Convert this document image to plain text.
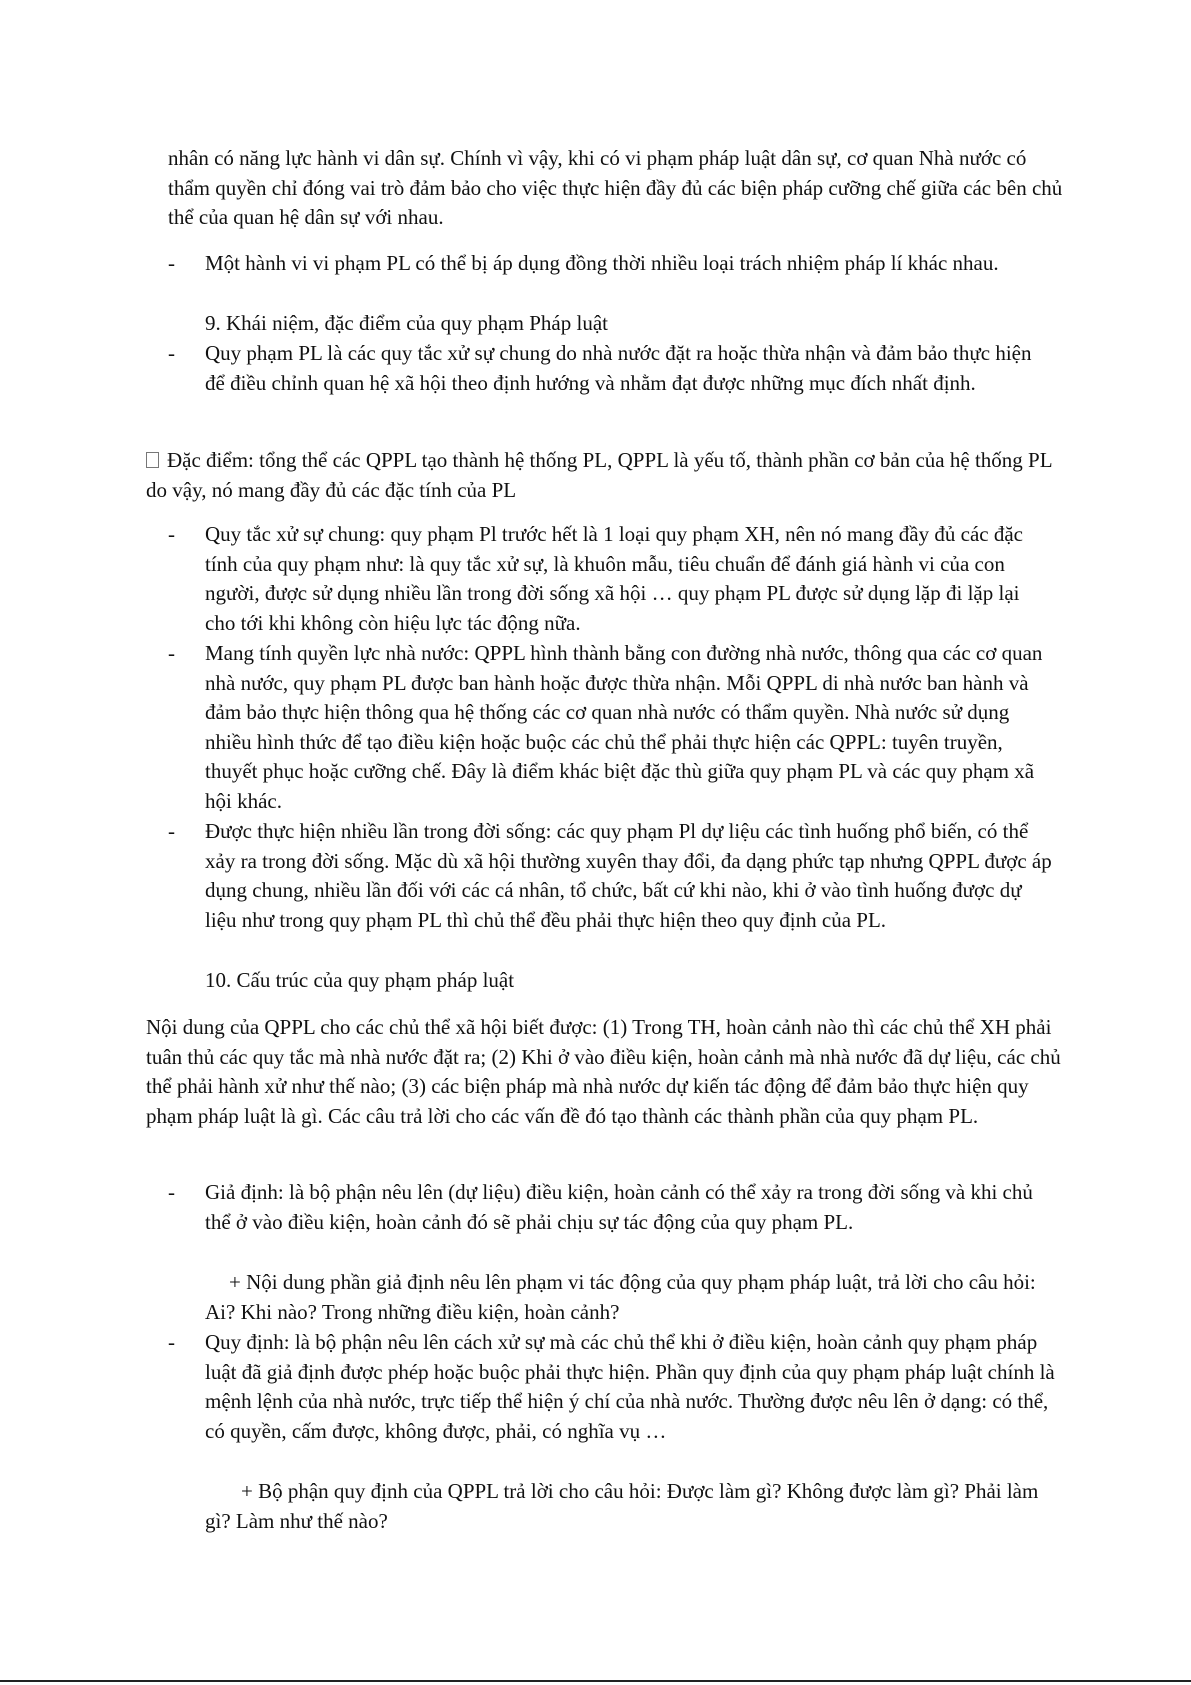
nhân có năng lực hành vi dân sự. Chính vì vậy, khi có vi phạm pháp luật dân sự, cơ quan Nhà nước có thẩm quyền chỉ đóng vai trò đảm bảo cho việc thực hiện đầy đủ các biện pháp cưỡng chế giữa các bên chủ thể của quan hệ dân sự với nhau.

- Một hành vi vi phạm PL có thể bị áp dụng đồng thời nhiều loại trách nhiệm pháp lí khác nhau.

9. Khái niệm, đặc điểm của quy phạm Pháp luật

- Quy phạm PL là các quy tắc xử sự chung do nhà nước đặt ra hoặc thừa nhận và đảm bảo thực hiện để điều chỉnh quan hệ xã hội theo định hướng và nhằm đạt được những mục đích nhất định.

Đặc điểm: tổng thể các QPPL tạo thành hệ thống PL, QPPL là yếu tố, thành phần cơ bản của hệ thống PL do vậy, nó mang đầy đủ các đặc tính của PL

- Quy tắc xử sự chung: quy phạm Pl trước hết là 1 loại quy phạm XH, nên nó mang đầy đủ các đặc tính của quy phạm như: là quy tắc xử sự, là khuôn mẫu, tiêu chuẩn để đánh giá hành vi của con người, được sử dụng nhiều lần trong đời sống xã hội … quy phạm PL được sử dụng lặp đi lặp lại cho tới khi không còn hiệu lực tác động nữa.

- Mang tính quyền lực nhà nước: QPPL hình thành bằng con đường nhà nước, thông qua các cơ quan nhà nước, quy phạm PL được ban hành hoặc được thừa nhận. Mỗi QPPL di nhà nước ban hành và đảm bảo thực hiện thông qua hệ thống các cơ quan nhà nước có thẩm quyền. Nhà nước sử dụng nhiều hình thức để tạo điều kiện hoặc buộc các chủ thể phải thực hiện các QPPL: tuyên truyền, thuyết phục hoặc cưỡng chế. Đây là điểm khác biệt đặc thù giữa quy phạm PL và các quy phạm xã hội khác.

- Được thực hiện nhiều lần trong đời sống: các quy phạm Pl dự liệu các tình huống phổ biến, có thể xảy ra trong đời sống. Mặc dù xã hội thường xuyên thay đổi, đa dạng phức tạp nhưng QPPL được áp dụng chung, nhiều lần đối với các cá nhân, tổ chức, bất cứ khi nào, khi ở vào tình huống được dự liệu như trong quy phạm PL thì chủ thể đều phải thực hiện theo quy định của PL.

10. Cấu trúc của quy phạm pháp luật

Nội dung của QPPL cho các chủ thể xã hội biết được: (1) Trong TH, hoàn cảnh nào thì các chủ thể XH phải tuân thủ các quy tắc mà nhà nước đặt ra; (2) Khi ở vào điều kiện, hoàn cảnh mà nhà nước đã dự liệu, các chủ thể phải hành xử như thế nào; (3) các biện pháp mà nhà nước dự kiến tác động để đảm bảo thực hiện quy phạm pháp luật là gì. Các câu trả lời cho các vấn đề đó tạo thành các thành phần của quy phạm PL.

- Giả định: là bộ phận nêu lên (dự liệu) điều kiện, hoàn cảnh có thể xảy ra trong đời sống và khi chủ thể ở vào điều kiện, hoàn cảnh đó sẽ phải chịu sự tác động của quy phạm PL.

+ Nội dung phần giả định nêu lên phạm vi tác động của quy phạm pháp luật, trả lời cho câu hỏi: Ai? Khi nào? Trong những điều kiện, hoàn cảnh?

- Quy định: là bộ phận nêu lên cách xử sự mà các chủ thể khi ở điều kiện, hoàn cảnh quy phạm pháp luật đã giả định được phép hoặc buộc phải thực hiện. Phần quy định của quy phạm pháp luật chính là mệnh lệnh của nhà nước, trực tiếp thể hiện ý chí của nhà nước. Thường được nêu lên ở dạng: có thể, có quyền, cấm được, không được, phải, có nghĩa vụ …

+ Bộ phận quy định của QPPL trả lời cho câu hỏi: Được làm gì? Không được làm gì? Phải làm gì? Làm như thế nào?
